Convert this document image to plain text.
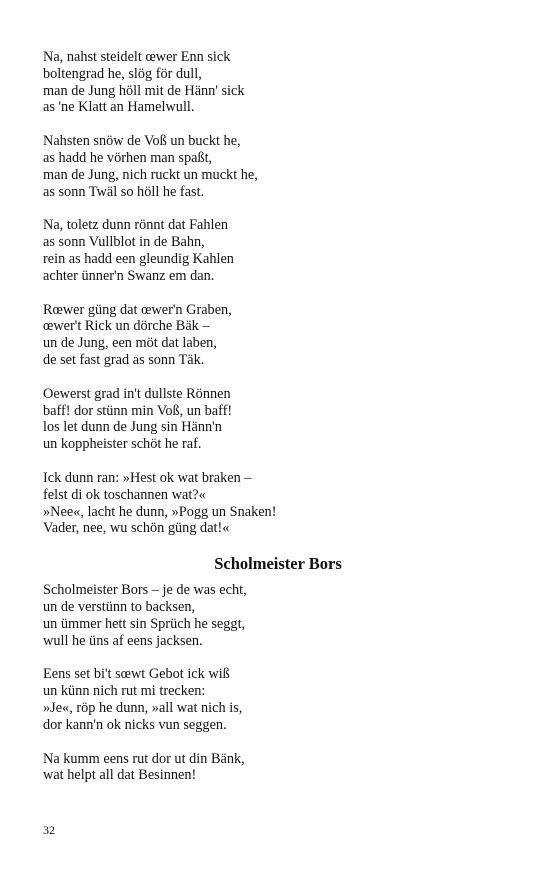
Na, nahst steidelt œwer Enn sick
boltengrad he, slög för dull,
man de Jung höll mit de Hänn' sick
as 'ne Klatt an Hamelwull.
Nahsten snöw de Voß un buckt he,
as hadd he vörhen man spaßt,
man de Jung, nich ruckt un muckt he,
as sonn Twäl so höll he fast.
Na, toletz dunn rönnt dat Fahlen
as sonn Vullblot in de Bahn,
rein as hadd een gleundig Kahlen
achter ünner'n Swanz em dan.
Rœwer güng dat œwer'n Graben,
œwer't Rick un dörche Bäk –
un de Jung, een möt dat laben,
de set fast grad as sonn Täk.
Oewerst grad in't dullste Rönnen
baff! dor stünn min Voß, un baff!
los let dunn de Jung sin Hänn'n
un koppheister schöt he raf.
Ick dunn ran: »Hest ok wat braken –
felst di ok toschannen wat?«
»Nee«, lacht he dunn, »Pogg un Snaken!
Vader, nee, wu schön güng dat!«
Scholmeister Bors
Scholmeister Bors – je de was echt,
un de verstünn to backsen,
un ümmer hett sin Sprüch he seggt,
wull he üns af eens jacksen.
Eens set bi't sœwt Gebot ick wiß
un künn nich rut mi trecken:
»Je«, röp he dunn, »all wat nich is,
dor kann'n ok nicks vun seggen.
Na kumm eens rut dor ut din Bänk,
wat helpt all dat Besinnen!
32
